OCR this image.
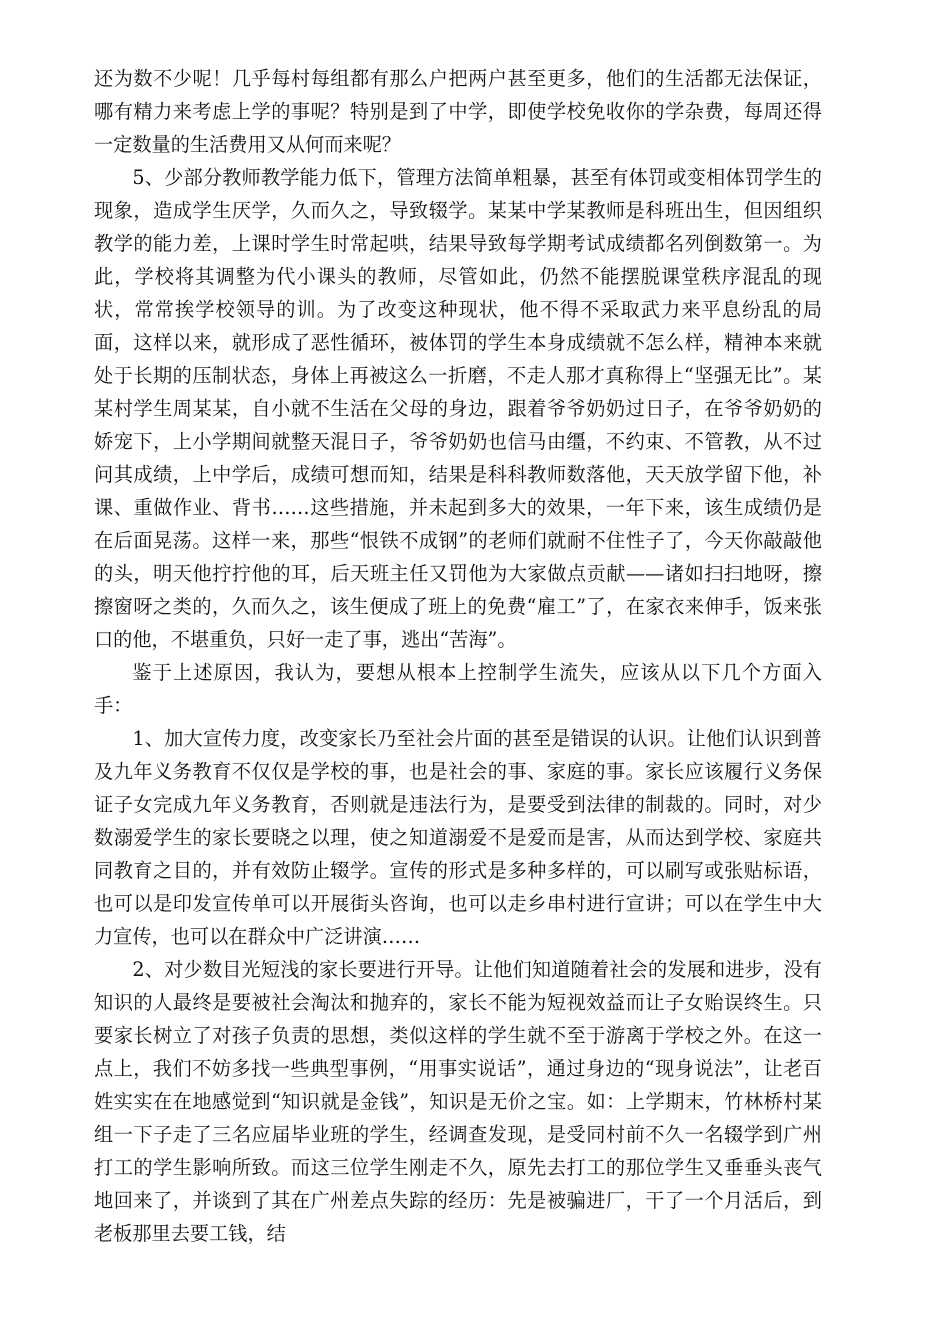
还为数不少呢！几乎每村每组都有那么户把两户甚至更多，他们的生活都无法保证，哪有精力来考虑上学的事呢？特别是到了中学，即使学校免收你的学杂费，每周还得一定数量的生活费用又从何而来呢？

5、少部分教师教学能力低下，管理方法简单粗暴，甚至有体罚或变相体罚学生的现象，造成学生厌学，久而久之，导致辍学。某某中学某教师是科班出生，但因组织教学的能力差，上课时学生时常起哄，结果导致每学期考试成绩都名列倒数第一。为此，学校将其调整为代小课头的教师，尽管如此，仍然不能摆脱课堂秩序混乱的现状，常常挨学校领导的训。为了改变这种现状，他不得不采取武力来平息纷乱的局面，这样以来，就形成了恶性循环，被体罚的学生本身成绩就不怎么样，精神本来就处于长期的压制状态，身体上再被这么一折磨，不走人那才真称得上“坚强无比”。某某村学生周某某，自小就不生活在父母的身边，跟着爷爷奶奶过日子，在爷爷奶奶的娇宠下，上小学期间就整天混日子，爷爷奶奶也信马由缰，不约束、不管教，从不过问其成绩，上中学后，成绩可想而知，结果是科科教师数落他，天天放学留下他，补课、重做作业、背书……这些措施，并未起到多大的效果，一年下来，该生成绩仍是在后面晃荡。这样一来，那些“恨铁不成钢”的老师们就耐不住性子了，今天你敲敲他的头，明天他拧拧他的耳，后天班主任又罚他为大家做点贡献——诸如扫扫地呀，擦擦窗呀之类的，久而久之，该生便成了班上的免费“雇工”了，在家衣来伸手，饭来张口的他，不堪重负，只好一走了事，逃出“苦海”。

鉴于上述原因，我认为，要想从根本上控制学生流失，应该从以下几个方面入手：

1、加大宣传力度，改变家长乃至社会片面的甚至是错误的认识。让他们认识到普及九年义务教育不仅仅是学校的事，也是社会的事、家庭的事。家长应该履行义务保证子女完成九年义务教育，否则就是违法行为，是要受到法律的制裁的。同时，对少数溺爱学生的家长要晓之以理，使之知道溺爱不是爱而是害，从而达到学校、家庭共同教育之目的，并有效防止辍学。宣传的形式是多种多样的，可以刷写或张贴标语，也可以是印发宣传单可以开展街头咨询，也可以走乡串村进行宣讲；可以在学生中大力宣传，也可以在群众中广泛讲演……

2、对少数目光短浅的家长要进行开导。让他们知道随着社会的发展和进步，没有知识的人最终是要被社会淘汰和抛弃的，家长不能为短视效益而让子女贻误终生。只要家长树立了对孩子负责的思想，类似这样的学生就不至于游离于学校之外。在这一点上，我们不妨多找一些典型事例，“用事实说话”，通过身边的“现身说法”，让老百姓实实在在地感觉到“知识就是金钱”，知识是无价之宝。如：上学期末，竹林桥村某组一下子走了三名应届毕业班的学生，经调查发现，是受同村前不久一名辍学到广州打工的学生影响所致。而这三位学生刚走不久，原先去打工的那位学生又垂垂头丧气地回来了，并谈到了其在广州差点失踪的经历：先是被骗进厂，干了一个月活后，到老板那里去要工钱，结
